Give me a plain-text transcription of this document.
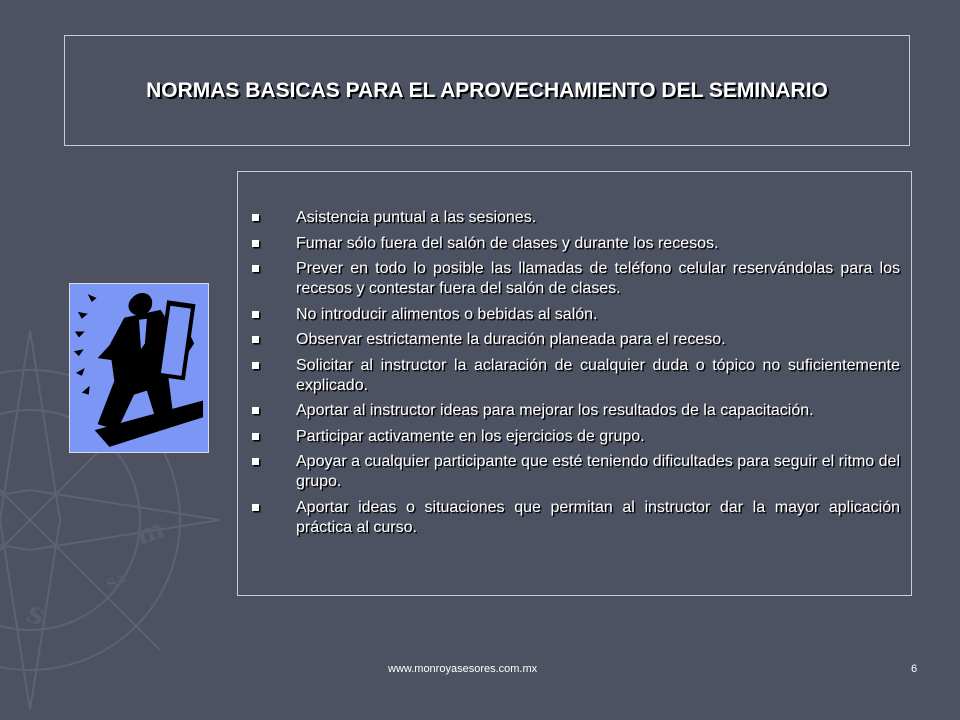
m
s
Sa
NORMAS BASICAS PARA EL APROVECHAMIENTO DEL SEMINARIO
Asistencia puntual a las sesiones.
Fumar sólo fuera del salón de clases y durante los recesos.
Prever en todo lo posible las llamadas de teléfono celular reservándolas para los recesos y contestar fuera del salón de clases.
No introducir alimentos o bebidas al salón.
Observar estrictamente la duración planeada para el receso.
Solicitar al instructor la aclaración de cualquier duda o tópico no suficientemente explicado.
Aportar al instructor ideas para mejorar los resultados de la capacitación.
Participar activamente en los ejercicios de grupo.
Apoyar a cualquier participante que esté teniendo dificultades para seguir el ritmo del grupo.
Aportar ideas o situaciones que permitan al instructor dar la mayor aplicación práctica al curso.
www.monroyasesores.com.mx	6
